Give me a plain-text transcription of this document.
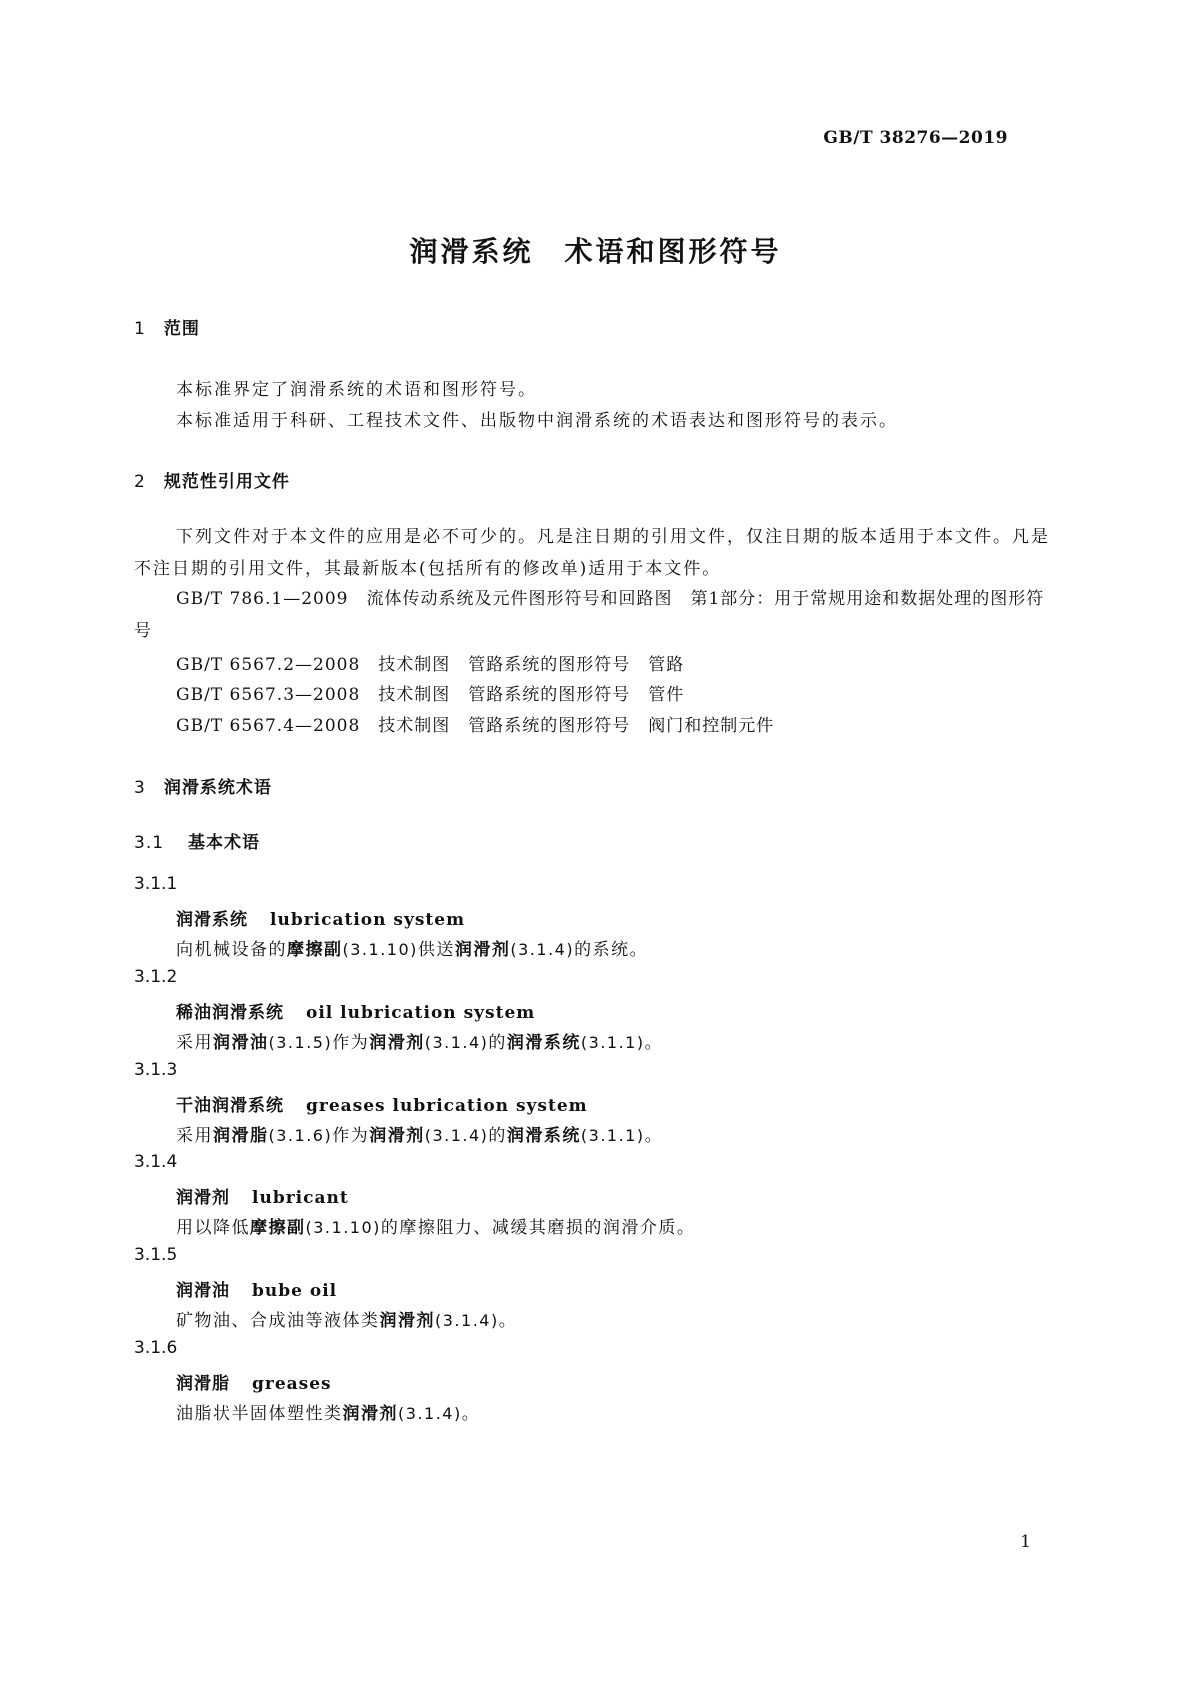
GB/T 38276—2019
润滑系统　术语和图形符号
1 范围
本标准界定了润滑系统的术语和图形符号。
本标准适用于科研、工程技术文件、出版物中润滑系统的术语表达和图形符号的表示。
2 规范性引用文件
下列文件对于本文件的应用是必不可少的。凡是注日期的引用文件，仅注日期的版本适用于本文件。凡是不注日期的引用文件，其最新版本(包括所有的修改单)适用于本文件。
GB/T 786.1—2009　流体传动系统及元件图形符号和回路图　第1部分：用于常规用途和数据处理的图形符号
GB/T 6567.2—2008　技术制图　管路系统的图形符号　管路
GB/T 6567.3—2008　技术制图　管路系统的图形符号　管件
GB/T 6567.4—2008　技术制图　管路系统的图形符号　阀门和控制元件
3 润滑系统术语
3.1 基本术语
3.1.1
润滑系统 lubrication system
向机械设备的摩擦副(3.1.10)供送润滑剂(3.1.4)的系统。
3.1.2
稀油润滑系统 oil lubrication system
采用润滑油(3.1.5)作为润滑剂(3.1.4)的润滑系统(3.1.1)。
3.1.3
干油润滑系统 greases lubrication system
采用润滑脂(3.1.6)作为润滑剂(3.1.4)的润滑系统(3.1.1)。
3.1.4
润滑剂 lubricant
用以降低摩擦副(3.1.10)的摩擦阻力、减缓其磨损的润滑介质。
3.1.5
润滑油 bube oil
矿物油、合成油等液体类润滑剂(3.1.4)。
3.1.6
润滑脂 greases
油脂状半固体塑性类润滑剂(3.1.4)。
1
